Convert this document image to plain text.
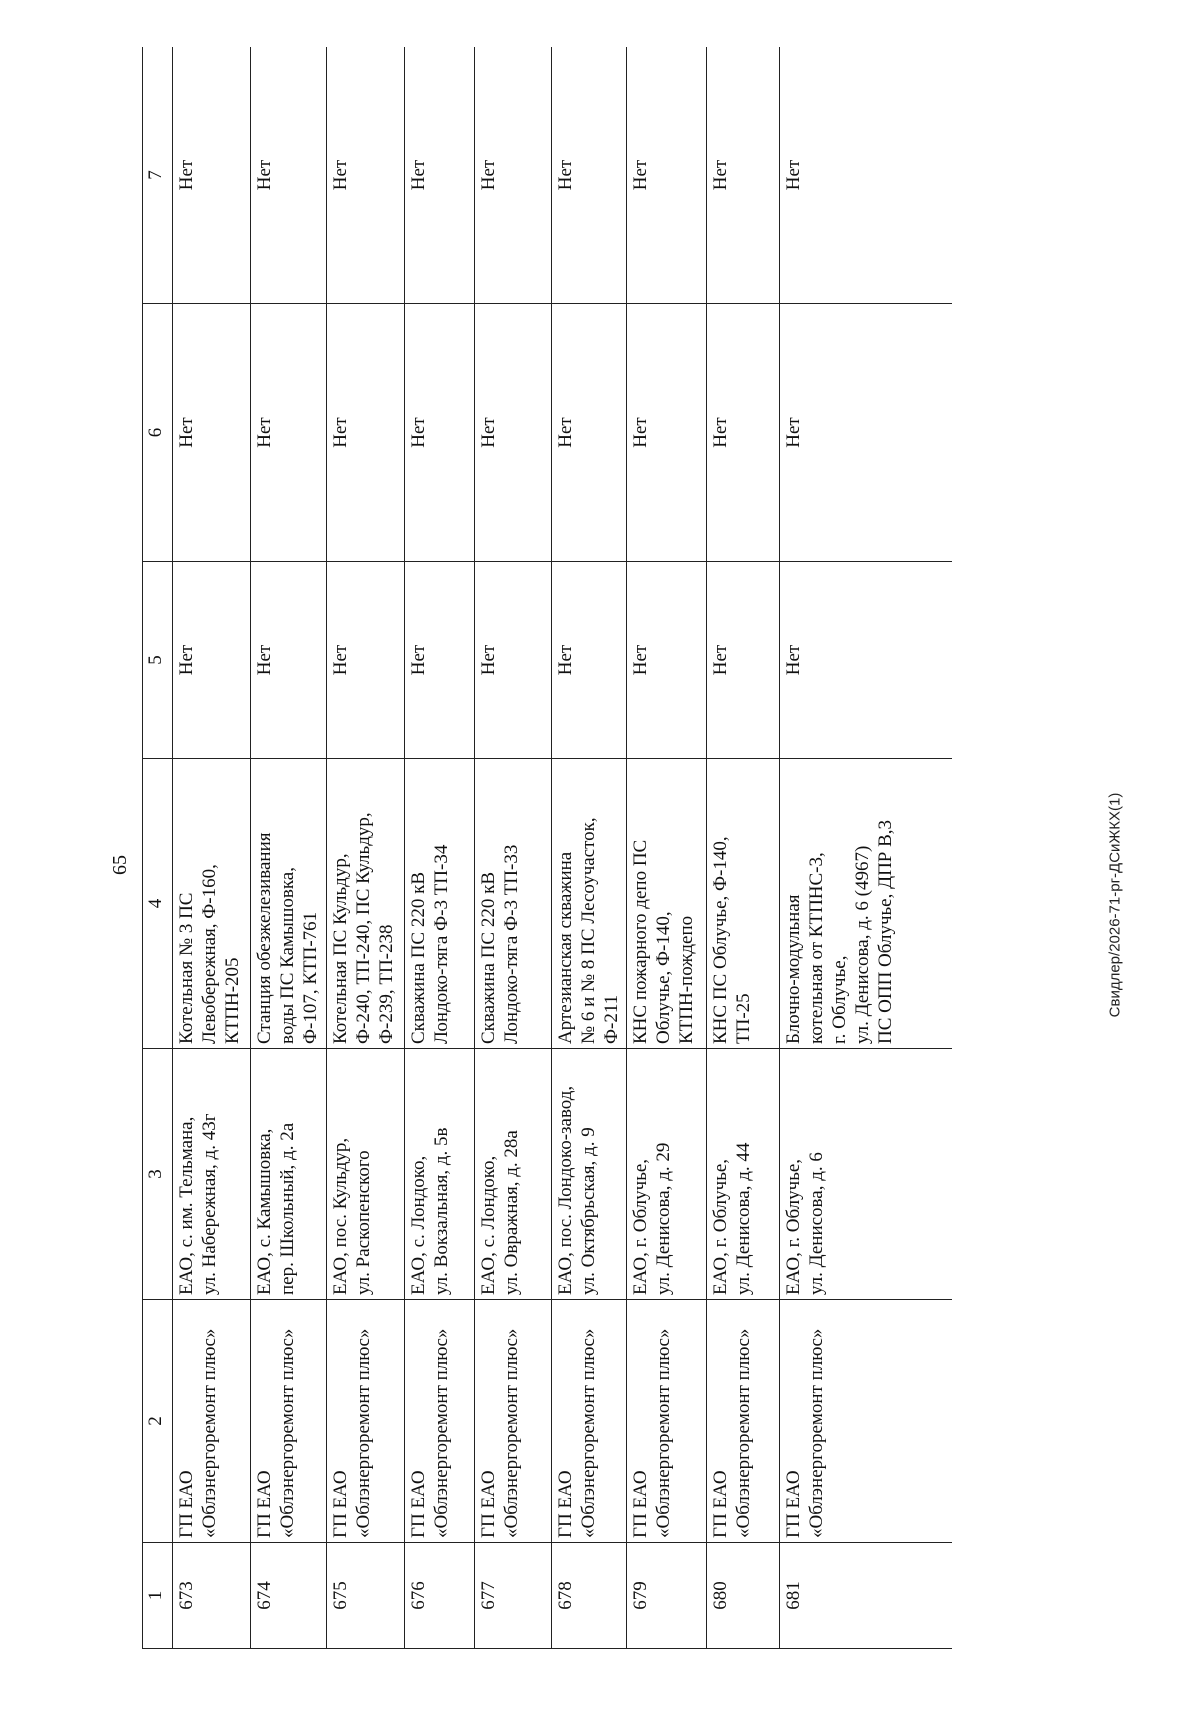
65	Свидлер/2026-71-рг-ДСиЖКХ(1)
1	2	3	4	5	6	7
673	ГП ЕАО «Облэнергоремонт плюс»	ЕАО, с. им. Тельмана, ул. Набережная, д. 43г	Котельная № 3 ПС Левобережная, Ф-160, КТПН-205	Нет	Нет	Нет
674	ГП ЕАО «Облэнергоремонт плюс»	ЕАО, с. Камышовка, пер. Школьный, д. 2а	Станция обезжелезивания воды ПС Камышовка, Ф-107, КТП-761	Нет	Нет	Нет
675	ГП ЕАО «Облэнергоремонт плюс»	ЕАО, пос. Кульдур, ул. Раскопенского	Котельная ПС Кульдур, Ф-240, ТП-240, ПС Кульдур, Ф-239, ТП-238	Нет	Нет	Нет
676	ГП ЕАО «Облэнергоремонт плюс»	ЕАО, с. Лондоко, ул. Вокзальная, д. 5в	Скважина ПС 220 кВ Лондоко-тяга Ф-3 ТП-34	Нет	Нет	Нет
677	ГП ЕАО «Облэнергоремонт плюс»	ЕАО, с. Лондоко, ул. Овражная, д. 28а	Скважина ПС 220 кВ Лондоко-тяга Ф-3 ТП-33	Нет	Нет	Нет
678	ГП ЕАО «Облэнергоремонт плюс»	ЕАО, пос. Лондоко-завод, ул. Октябрьская, д. 9	Артезианская скважина № 6 и № 8 ПС Лесоучасток, Ф-211	Нет	Нет	Нет
679	ГП ЕАО «Облэнергоремонт плюс»	ЕАО, г. Облучье, ул. Денисова, д. 29	КНС пожарного депо ПС Облучье, Ф-140, КТПН-пождепо	Нет	Нет	Нет
680	ГП ЕАО «Облэнергоремонт плюс»	ЕАО, г. Облучье, ул. Денисова, д. 44	КНС ПС Облучье, Ф-140, ТП-25	Нет	Нет	Нет
681	ГП ЕАО «Облэнергоремонт плюс»	ЕАО, г. Облучье, ул. Денисова, д. 6	Блочно-модульная котельная от КТПНС-3, г. Облучье, ул. Денисова, д. 6 (4967) ПС ОПП Облучье, ДПР В,3	Нет	Нет	Нет
